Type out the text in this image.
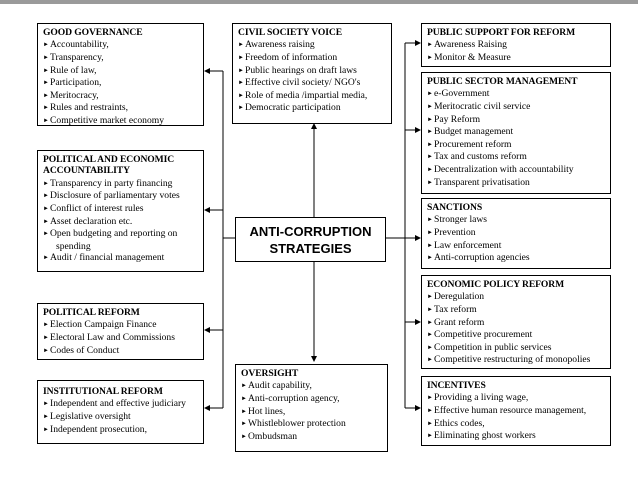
GOOD GOVERNANCE
►Accountability,
►Transparency,
►Rule of law,
►Participation,
►Meritocracy,
►Rules and restraints,
►Competitive market economy
POLITICAL AND ECONOMIC
ACCOUNTABILITY
►Transparency in party financing
►Disclosure of parliamentary votes
►Conflict of interest rules
►Asset declaration etc.
►Open budgeting and reporting on
spending
►Audit / financial management
POLITICAL REFORM
►Election Campaign Finance
►Electoral Law and Commissions
►Codes of Conduct
INSTITUTIONAL REFORM
►Independent and effective judiciary
►Legislative oversight
►Independent prosecution,
CIVIL SOCIETY VOICE
►Awareness raising
►Freedom of information
►Public hearings on draft laws
►Effective civil society/ NGO's
►Role of media /impartial media,
►Democratic participation
ANTI-CORRUPTION
STRATEGIES
OVERSIGHT
►Audit capability,
►Anti-corruption agency,
►Hot lines,
►Whistleblower protection
►Ombudsman
PUBLIC SUPPORT FOR REFORM
►Awareness Raising
►Monitor & Measure
PUBLIC SECTOR MANAGEMENT
►e-Government
►Meritocratic civil service
►Pay Reform
►Budget management
►Procurement reform
►Tax and customs reform
►Decentralization with accountability
►Transparent privatisation
SANCTIONS
►Stronger laws
►Prevention
►Law enforcement
►Anti-corruption agencies
ECONOMIC POLICY REFORM
►Deregulation
►Tax reform
►Grant reform
►Competitive procurement
►Competition in public services
►Competitive restructuring of monopolies
INCENTIVES
►Providing a living wage,
►Effective human resource management,
►Ethics codes,
►Eliminating ghost workers
